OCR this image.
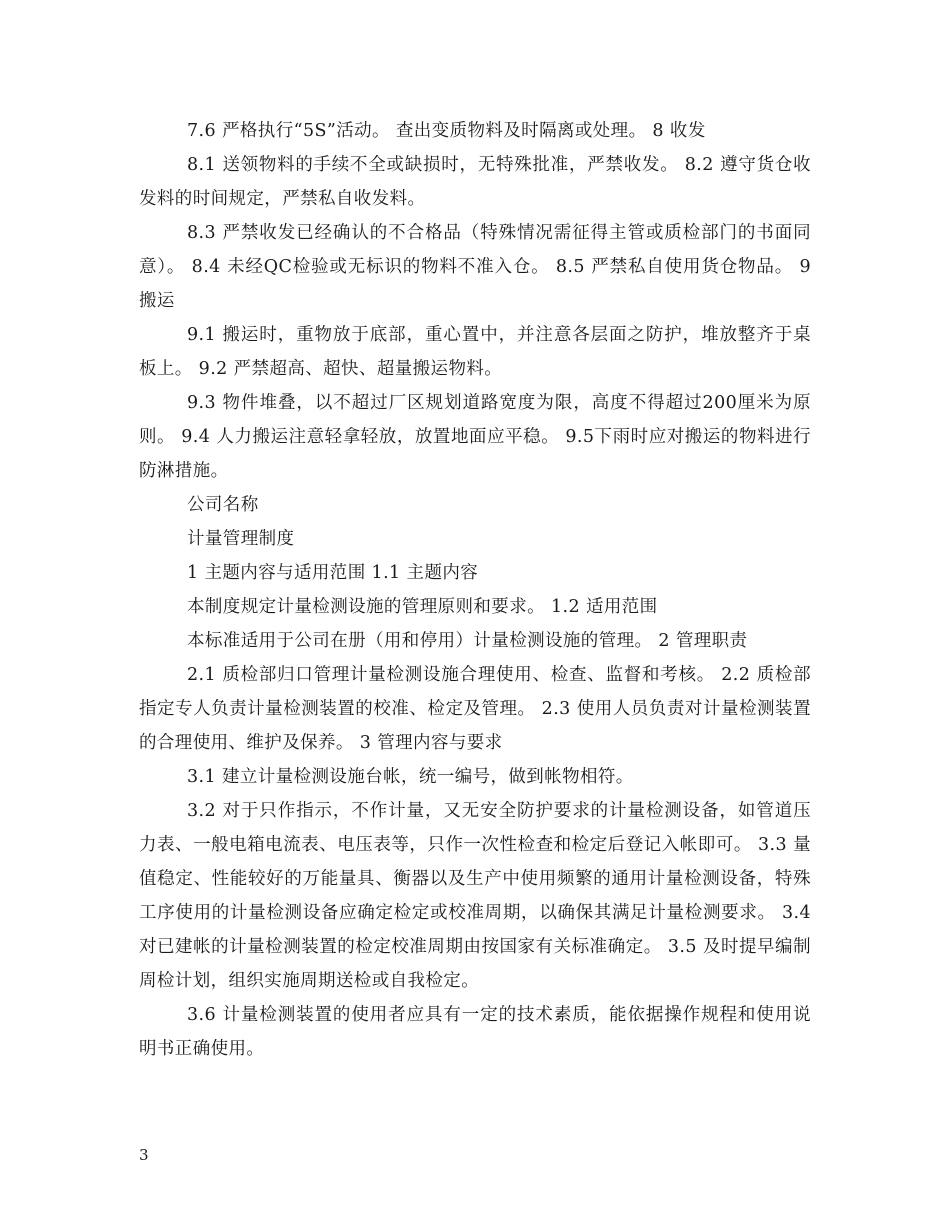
7.6 严格执行“5S”活动。 查出变质物料及时隔离或处理。 8 收发

8.1 送领物料的手续不全或缺损时，无特殊批准，严禁收发。 8.2 遵守货仓收发料的时间规定，严禁私自收发料。

8.3 严禁收发已经确认的不合格品（特殊情况需征得主管或质检部门的书面同意）。 8.4 未经QC检验或无标识的物料不准入仓。 8.5 严禁私自使用货仓物品。 9 搬运

9.1 搬运时，重物放于底部，重心置中，并注意各层面之防护，堆放整齐于桌板上。 9.2 严禁超高、超快、超量搬运物料。

9.3 物件堆叠，以不超过厂区规划道路宽度为限，高度不得超过200厘米为原则。 9.4 人力搬运注意轻拿轻放，放置地面应平稳。 9.5下雨时应对搬运的物料进行防淋措施。

公司名称

计量管理制度

1 主题内容与适用范围 1.1 主题内容

本制度规定计量检测设施的管理原则和要求。 1.2 适用范围

本标准适用于公司在册（用和停用）计量检测设施的管理。 2 管理职责

2.1 质检部归口管理计量检测设施合理使用、检查、监督和考核。 2.2 质检部指定专人负责计量检测装置的校准、检定及管理。 2.3 使用人员负责对计量检测装置的合理使用、维护及保养。 3 管理内容与要求

3.1 建立计量检测设施台帐，统一编号，做到帐物相符。

3.2 对于只作指示，不作计量，又无安全防护要求的计量检测设备，如管道压力表、一般电箱电流表、电压表等，只作一次性检查和检定后登记入帐即可。 3.3 量值稳定、性能较好的万能量具、衡器以及生产中使用频繁的通用计量检测设备，特殊工序使用的计量检测设备应确定检定或校准周期，以确保其满足计量检测要求。 3.4 对已建帐的计量检测装置的检定校准周期由按国家有关标准确定。 3.5 及时提早编制周检计划，组织实施周期送检或自我检定。

3.6 计量检测装置的使用者应具有一定的技术素质，能依据操作规程和使用说明书正确使用。

3
